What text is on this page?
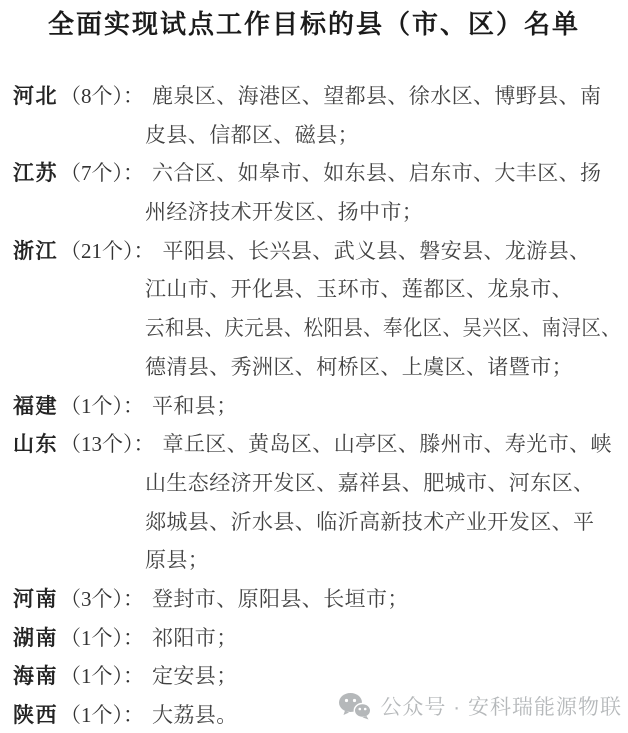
全面实现试点工作目标的县（市、区）名单
河北（8个）： 鹿泉区、海港区、望都县、徐水区、博野县、南
皮县、信都区、磁县；
江苏（7个）： 六合区、如皋市、如东县、启东市、大丰区、扬
州经济技术开发区、扬中市；
浙江（21个）： 平阳县、长兴县、武义县、磐安县、龙游县、
江山市、开化县、玉环市、莲都区、龙泉市、
云和县、庆元县、松阳县、奉化区、吴兴区、南浔区、
德清县、秀洲区、柯桥区、上虞区、诸暨市；
福建（1个）： 平和县；
山东（13个）： 章丘区、黄岛区、山亭区、滕州市、寿光市、峡
山生态经济开发区、嘉祥县、肥城市、河东区、
郯城县、沂水县、临沂高新技术产业开发区、平
原县；
河南（3个）： 登封市、原阳县、长垣市；
湖南（1个）： 祁阳市；
海南（1个）： 定安县；
陕西（1个）： 大荔县。	公众号 · 安科瑞能源物联
